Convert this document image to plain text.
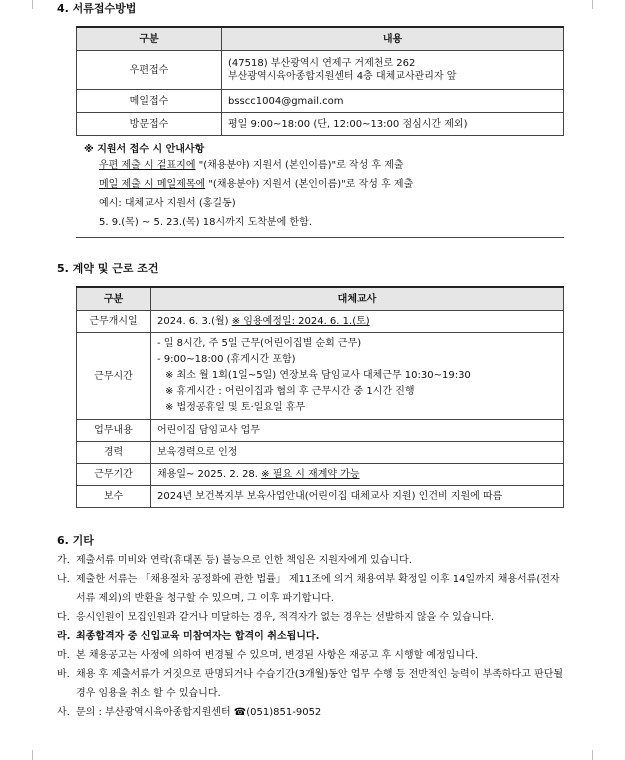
4. 서류접수방법
구분	내용
우편접수	(47518) 부산광역시 연제구 거제천로 262
부산광역시육아종합지원센터 4층 대체교사관리자 앞

메일접수	bsscc1004@gmail.com
방문접수	평일 9:00~18:00 (단, 12:00~13:00 점심시간 제외)
※ 지원서 접수 시 안내사항
우편 제출 시 겉표지에 "(채용분야) 지원서 (본인이름)"로 작성 후 제출
메일 제출 시 메일제목에 "(채용분야) 지원서 (본인이름)"로 작성 후 제출
예시: 대체교사 지원서 (홍길동)
5. 9.(목) ~ 5. 23.(목) 18시까지 도착분에 한함.
5. 계약 및 근로 조건
구분	대체교사
근무개시일	2024. 6. 3.(월) ※ 임용예정일: 2024. 6. 1.(토)
근무시간	- 일 8시간, 주 5일 근무(어린이집별 순회 근무)
- 9:00~18:00 (휴게시간 포함)
※ 최소 월 1회(1일~5일) 연장보육 담임교사 대체근무 10:30~19:30
※ 휴게시간 : 어린이집과 협의 후 근무시간 중 1시간 진행
※ 법정공휴일 및 토·일요일 휴무

업무내용	어린이집 담임교사 업무
경력	보육경력으로 인정
근무기간	채용일~ 2025. 2. 28. ※ 필요 시 재계약 가능
보수	2024년 보건복지부 보육사업안내(어린이집 대체교사 지원) 인건비 지원에 따름
6. 기타

가. 제출서류 미비와 연락(휴대폰 등) 불능으로 인한 책임은 지원자에게 있습니다.

나. 제출한 서류는 「채용절차 공정화에 관한 법률」 제11조에 의거 채용여부 확정일 이후 14일까지 채용서류(전자서류 제외)의 반환을 청구할 수 있으며, 그 이후 파기합니다.

다. 응시인원이 모집인원과 같거나 미달하는 경우, 적격자가 없는 경우는 선발하지 않을 수 있습니다.

라. 최종합격자 중 신입교육 미참여자는 합격이 취소됩니다.

마. 본 채용공고는 사정에 의하여 변경될 수 있으며, 변경된 사항은 재공고 후 시행할 예정입니다.

바. 채용 후 제출서류가 거짓으로 판명되거나 수습기간(3개월)동안 업무 수행 등 전반적인 능력이 부족하다고 판단될 경우 임용을 취소 할 수 있습니다.

사. 문의 : 부산광역시육아종합지원센터 ☎(051)851-9052
